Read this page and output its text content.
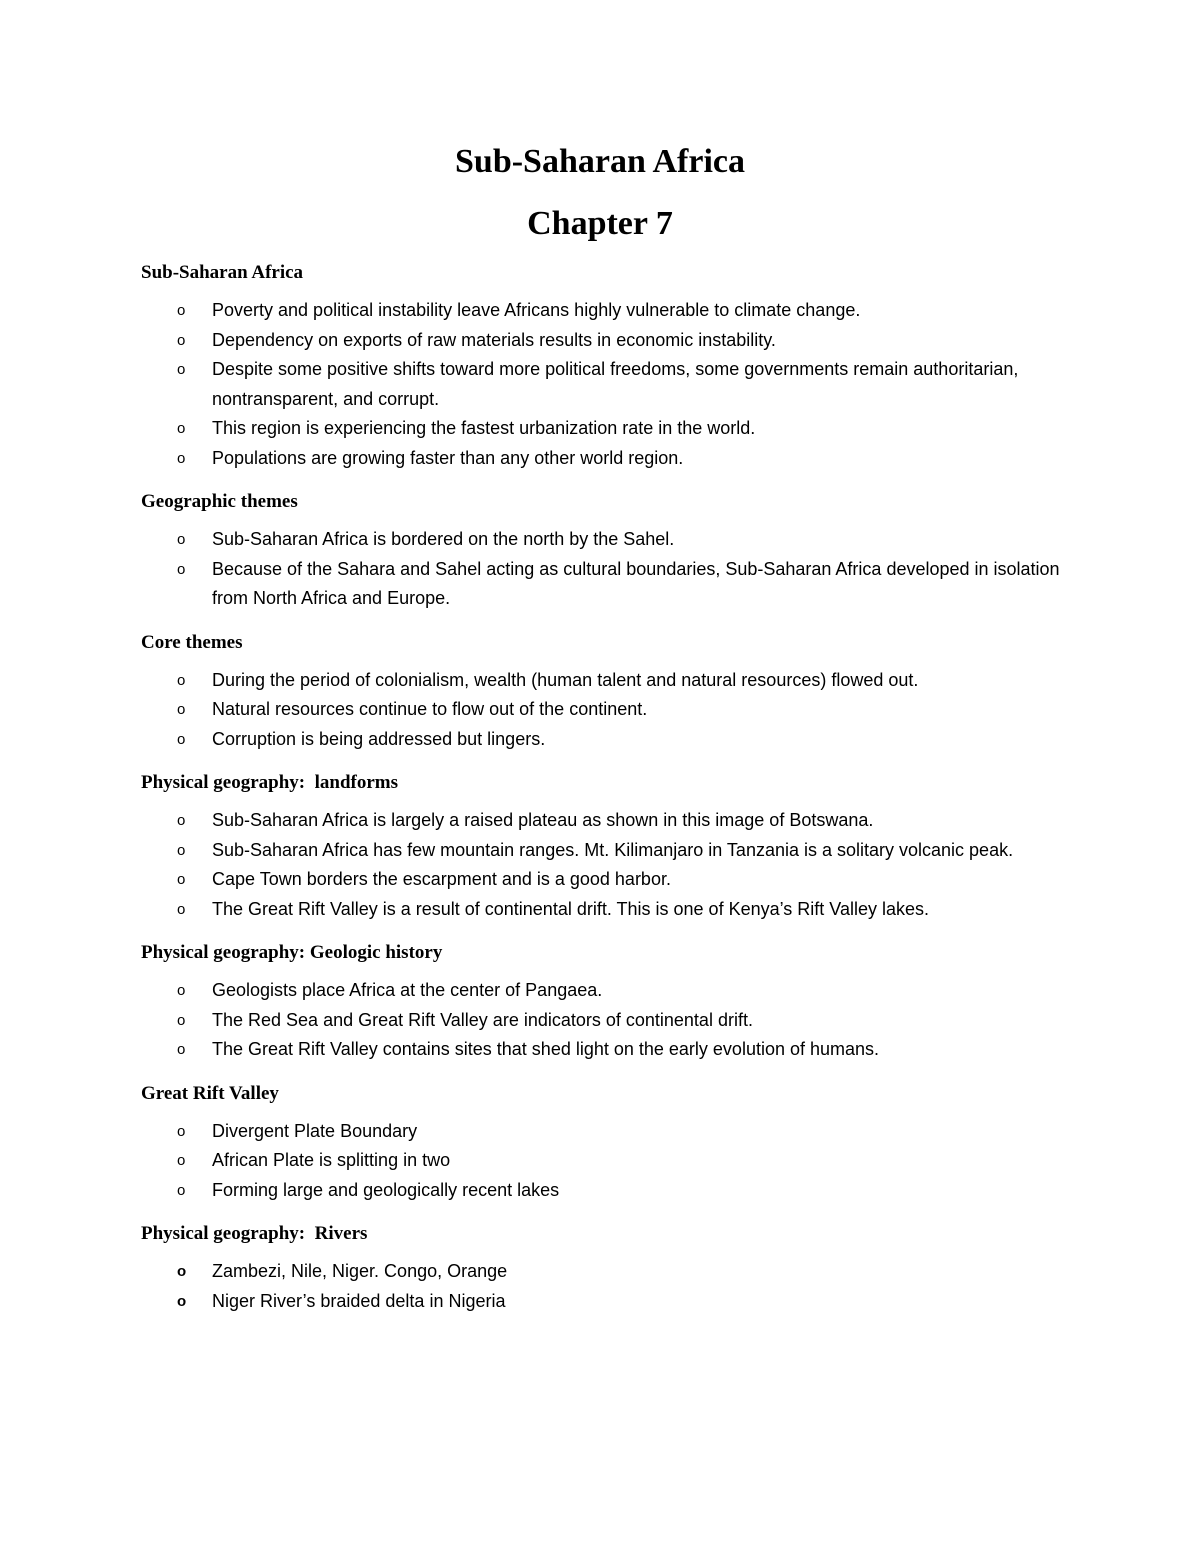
Sub-Saharan Africa
Chapter 7
Sub-Saharan Africa
o Poverty and political instability leave Africans highly vulnerable to climate change.
o Dependency on exports of raw materials results in economic instability.
o Despite some positive shifts toward more political freedoms, some governments remain authoritarian, nontransparent, and corrupt.
o This region is experiencing the fastest urbanization rate in the world.
o Populations are growing faster than any other world region.
Geographic themes
o Sub-Saharan Africa is bordered on the north by the Sahel.
o Because of the Sahara and Sahel acting as cultural boundaries, Sub-Saharan Africa developed in isolation from North Africa and Europe.
Core themes
o During the period of colonialism, wealth (human talent and natural resources) flowed out.
o Natural resources continue to flow out of the continent.
o Corruption is being addressed but lingers.
Physical geography:  landforms
o Sub-Saharan Africa is largely a raised plateau as shown in this image of Botswana.
o Sub-Saharan Africa has few mountain ranges. Mt. Kilimanjaro in Tanzania is a solitary volcanic peak.
o Cape Town borders the escarpment and is a good harbor.
o The Great Rift Valley is a result of continental drift. This is one of Kenya’s Rift Valley lakes.
Physical geography: Geologic history
o Geologists place Africa at the center of Pangaea.
o The Red Sea and Great Rift Valley are indicators of continental drift.
o The Great Rift Valley contains sites that shed light on the early evolution of humans.
Great Rift Valley
o Divergent Plate Boundary
o African Plate is splitting in two
o Forming large and geologically recent lakes
Physical geography:  Rivers
o Zambezi, Nile, Niger. Congo, Orange
o Niger River’s braided delta in Nigeria
